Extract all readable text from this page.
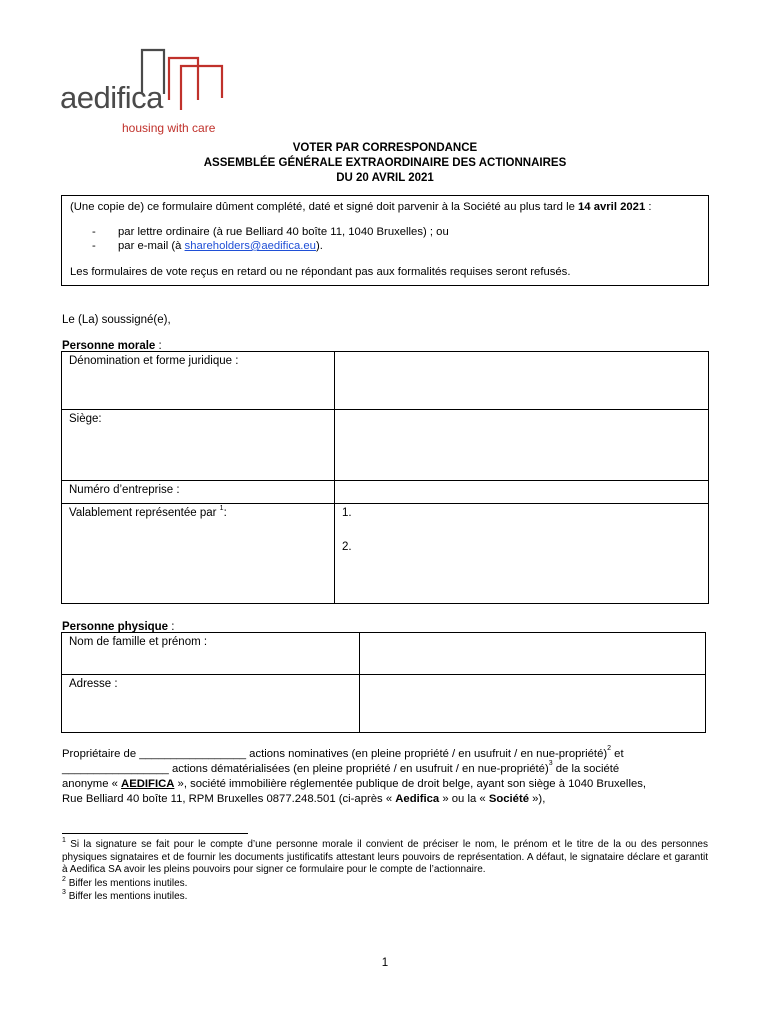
aedifica
housing with care
VOTER PAR CORRESPONDANCE
ASSEMBLÉE GÉNÉRALE EXTRAORDINAIRE DES ACTIONNAIRES
DU 20 AVRIL 2021

(Une copie de) ce formulaire dûment complété, daté et signé doit parvenir à la Société au plus tard le 14 avril 2021 :

- par lettre ordinaire (à rue Belliard 40 boîte 11, 1040 Bruxelles) ; ou

- par e-mail (à shareholders@aedifica.eu).

Les formulaires de vote reçus en retard ou ne répondant pas aux formalités requises seront refusés.

Le (La) soussigné(e),
Personne morale :
Dénomination et forme juridique :	
Siège:	
Numéro d’entreprise :	
Valablement représentée par $^1$:	1.
2.
Personne physique :
Nom de famille et prénom :	
Adresse :	
Propriétaire de _________________ actions nominatives (en pleine propriété / en usufruit / en nue-propriété)$^2$ et
_________________ actions dématérialisées (en pleine propriété / en usufruit / en nue-propriété)$^3$ de la société
anonyme « AEDIFICA », société immobilière réglementée publique de droit belge, ayant son siège à 1040 Bruxelles,
Rue Belliard 40 boîte 11, RPM Bruxelles 0877.248.501 (ci-après « Aedifica » ou la « Société »),
$^1$ Si la signature se fait pour le compte d’une personne morale il convient de préciser le nom, le prénom et le titre de la ou des personnes physiques signataires et de fournir les documents justificatifs attestant leurs pouvoirs de représentation. A défaut, le signataire déclare et garantit à Aedifica SA avoir les pleins pouvoirs pour signer ce formulaire pour le compte de l’actionnaire.
$^2$ Biffer les mentions inutiles.
$^3$ Biffer les mentions inutiles.
1
